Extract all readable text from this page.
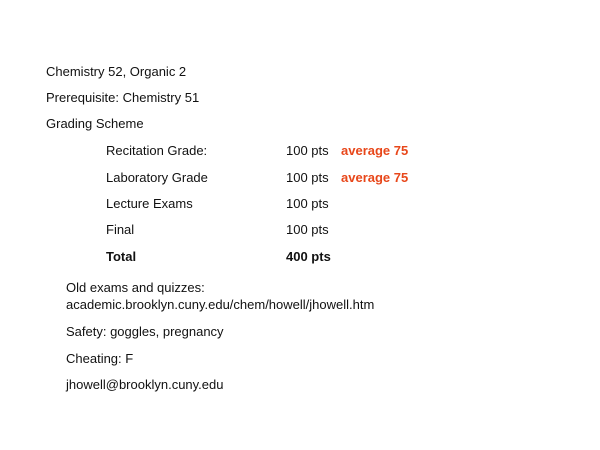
Chemistry 52, Organic 2
Prerequisite: Chemistry 51
Grading Scheme
Recitation Grade:	100 pts average 75
Laboratory Grade	100 pts average 75
Lecture Exams	100 pts
Final	100 pts
Total	400 pts
Old exams and quizzes:
academic.brooklyn.cuny.edu/chem/howell/jhowell.htm
Safety: goggles, pregnancy
Cheating: F
jhowell@brooklyn.cuny.edu
